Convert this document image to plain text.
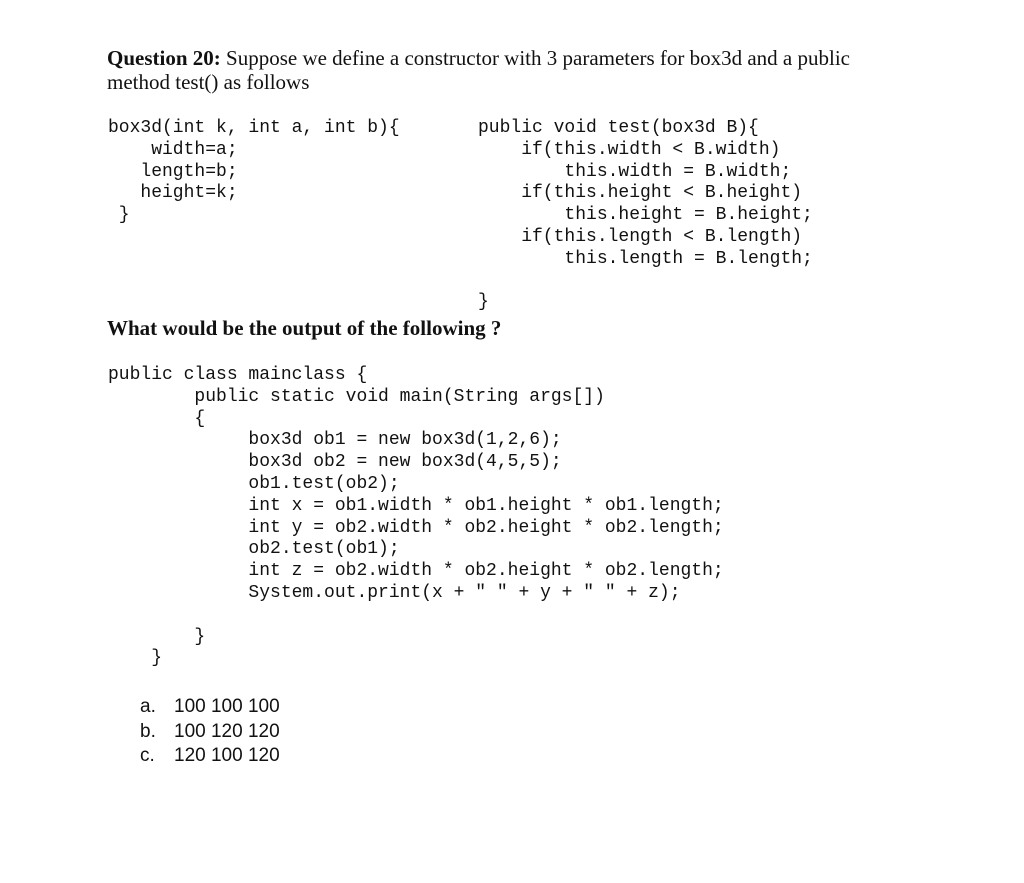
Question 20: Suppose we define a constructor with 3 parameters for box3d and a public
method test() as follows
box3d(int k, int a, int b){
width=a;
length=b;
height=k;
}
public void test(box3d B){
if(this.width < B.width)
this.width = B.width;
if(this.height < B.height)
this.height = B.height;
if(this.length < B.length)
this.length = B.length;
}
What would be the output of the following ?
public class mainclass {
public static void main(String args[])
{
box3d ob1 = new box3d(1,2,6);
box3d ob2 = new box3d(4,5,5);
ob1.test(ob2);
int x = ob1.width * ob1.height * ob1.length;
int y = ob2.width * ob2.height * ob2.length;
ob2.test(ob1);
int z = ob2.width * ob2.height * ob2.length;
System.out.print(x + " " + y + " " + z);
}
}
a. 100 100 100
b. 100 120 120
c.	120 100 120
